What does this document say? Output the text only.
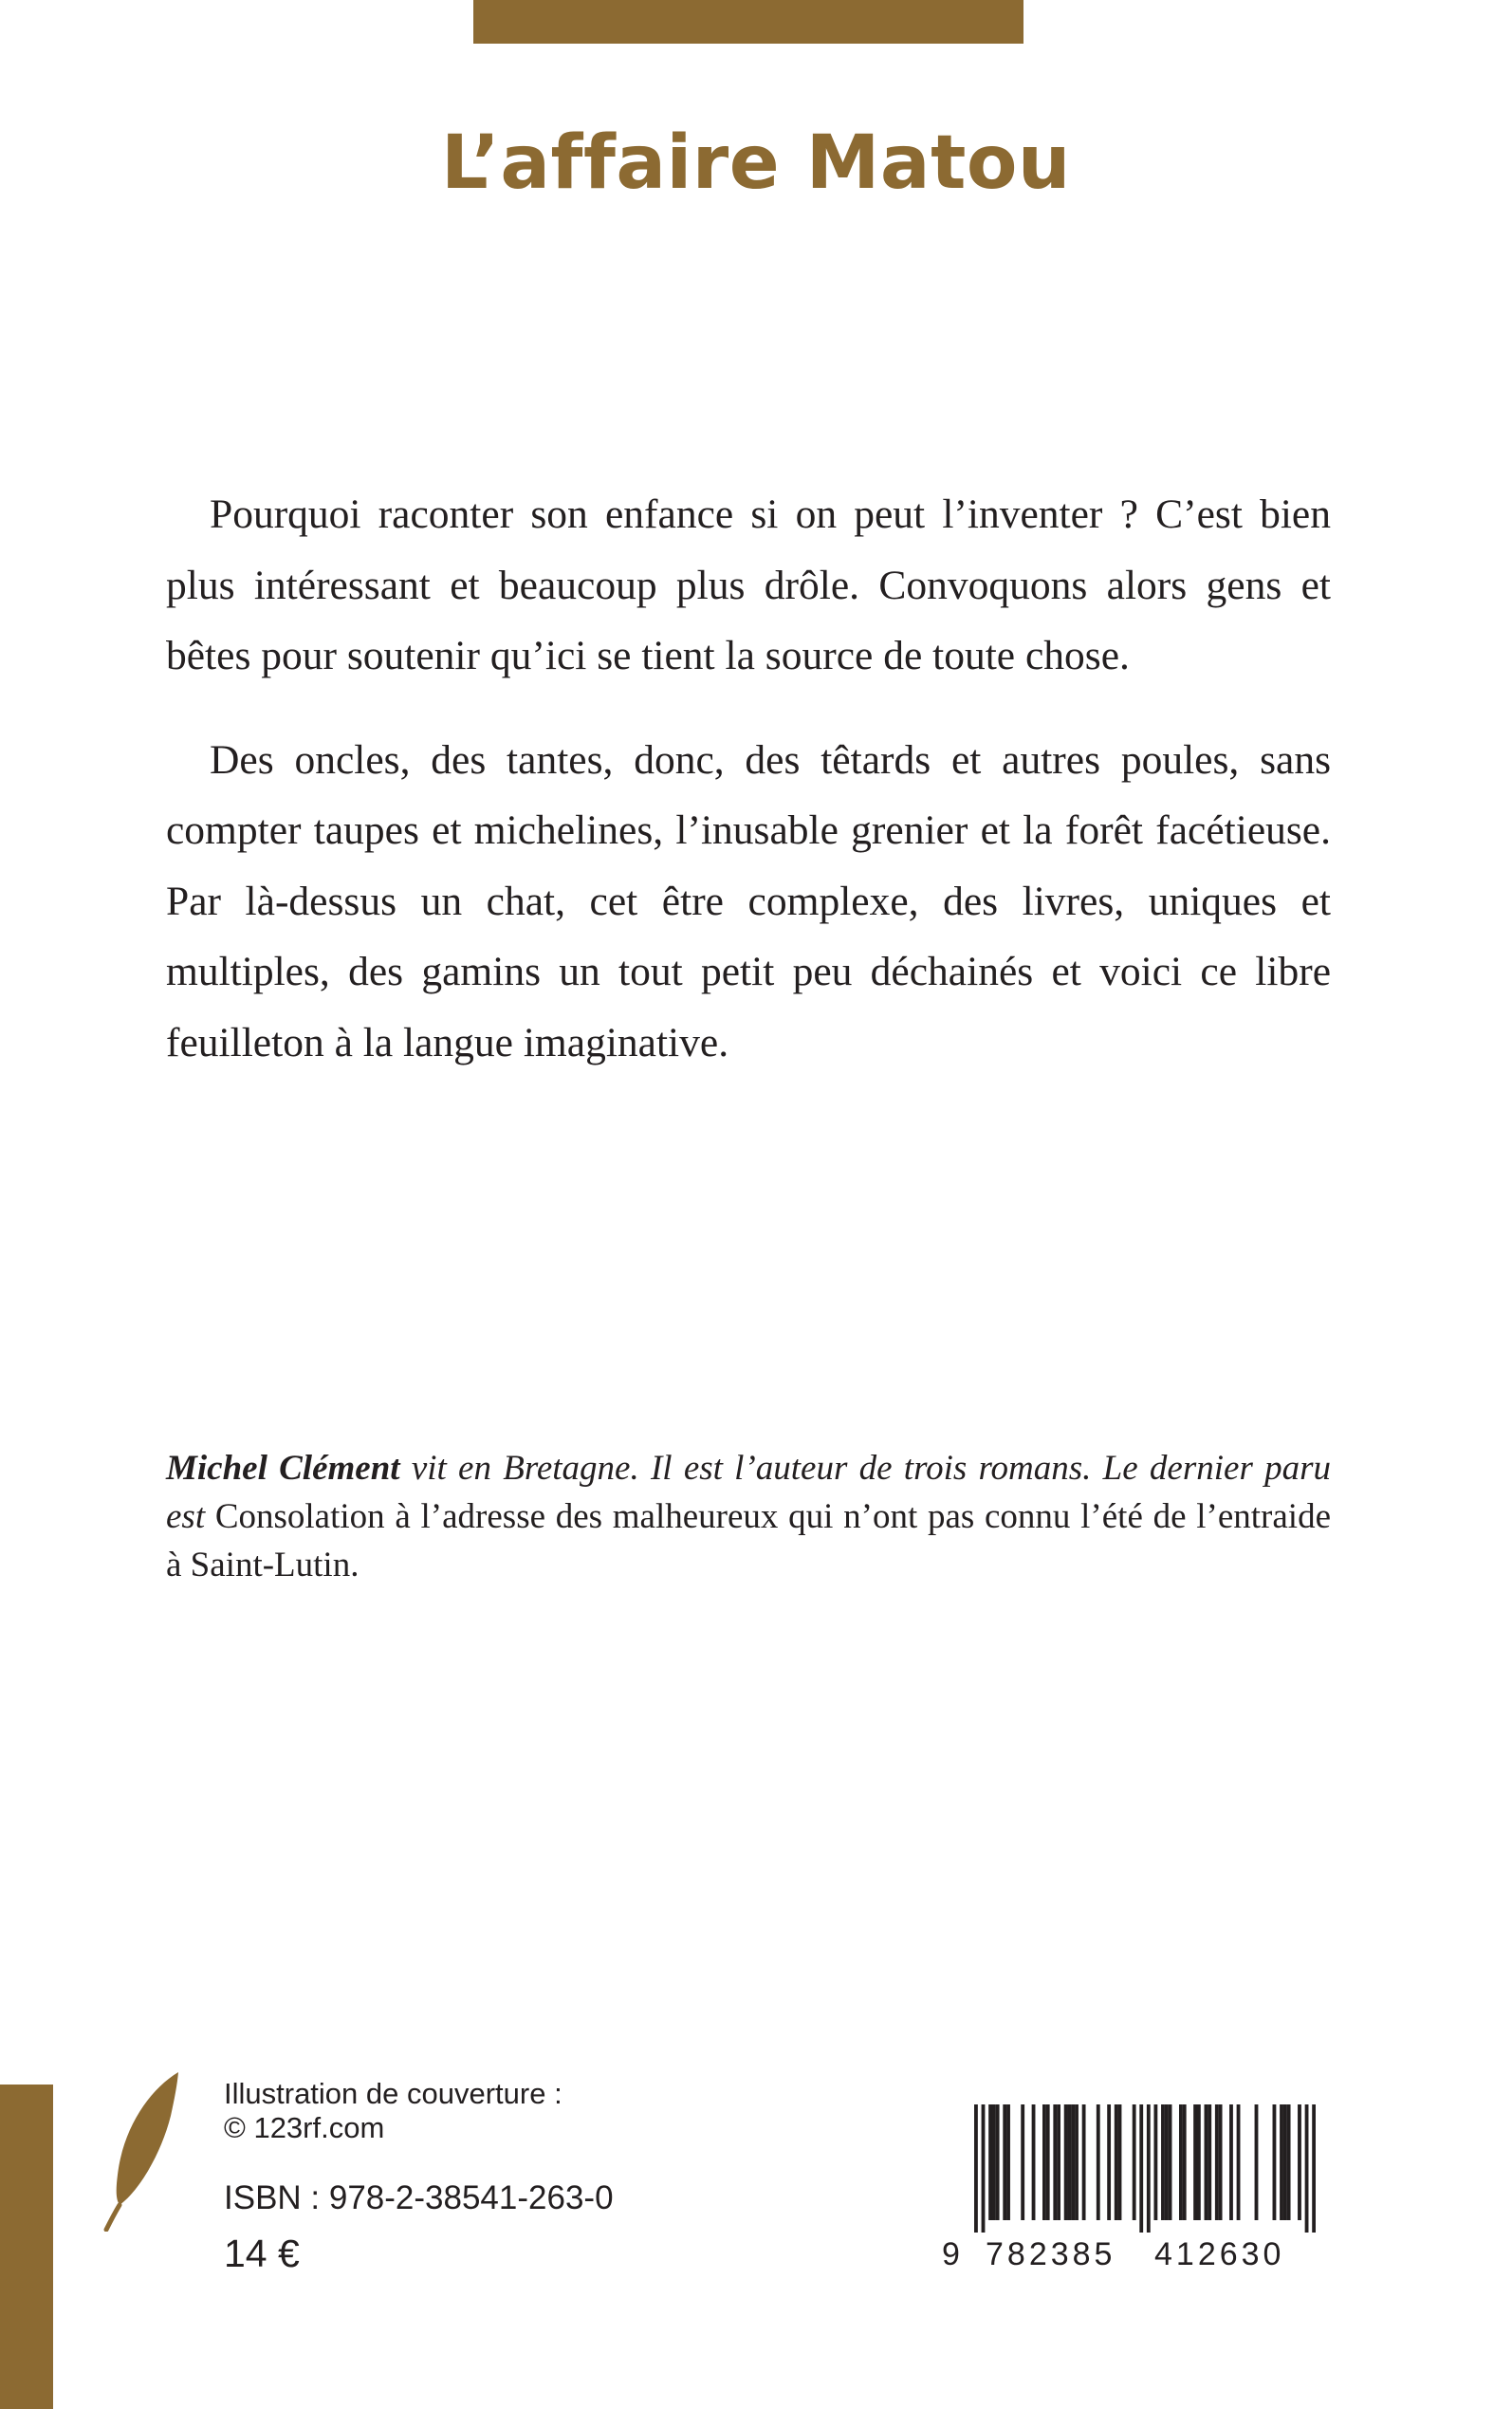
L’affaire Matou

Pourquoi raconter son enfance si on peut l’inventer ? C’est bien plus intéressant et beaucoup plus drôle. Convoquons alors gens et bêtes pour soutenir qu’ici se tient la source de toute chose.

Des oncles, des tantes, donc, des têtards et autres poules, sans compter taupes et michelines, l’inusable grenier et la forêt facétieuse. Par là-dessus un chat, cet être complexe, des livres, uniques et multiples, des gamins un tout petit peu déchainés et voici ce libre feuilleton à la langue imaginative.

Michel Clément vit en Bretagne. Il est l’auteur de trois romans. Le dernier paru est Consolation à l’adresse des malheureux qui n’ont pas connu l’été de l’entraide à Saint-Lutin.

Illustration de couverture :
© 123rf.com
ISBN : 978-2-38541-263-0
14 €	9 782385 412630
